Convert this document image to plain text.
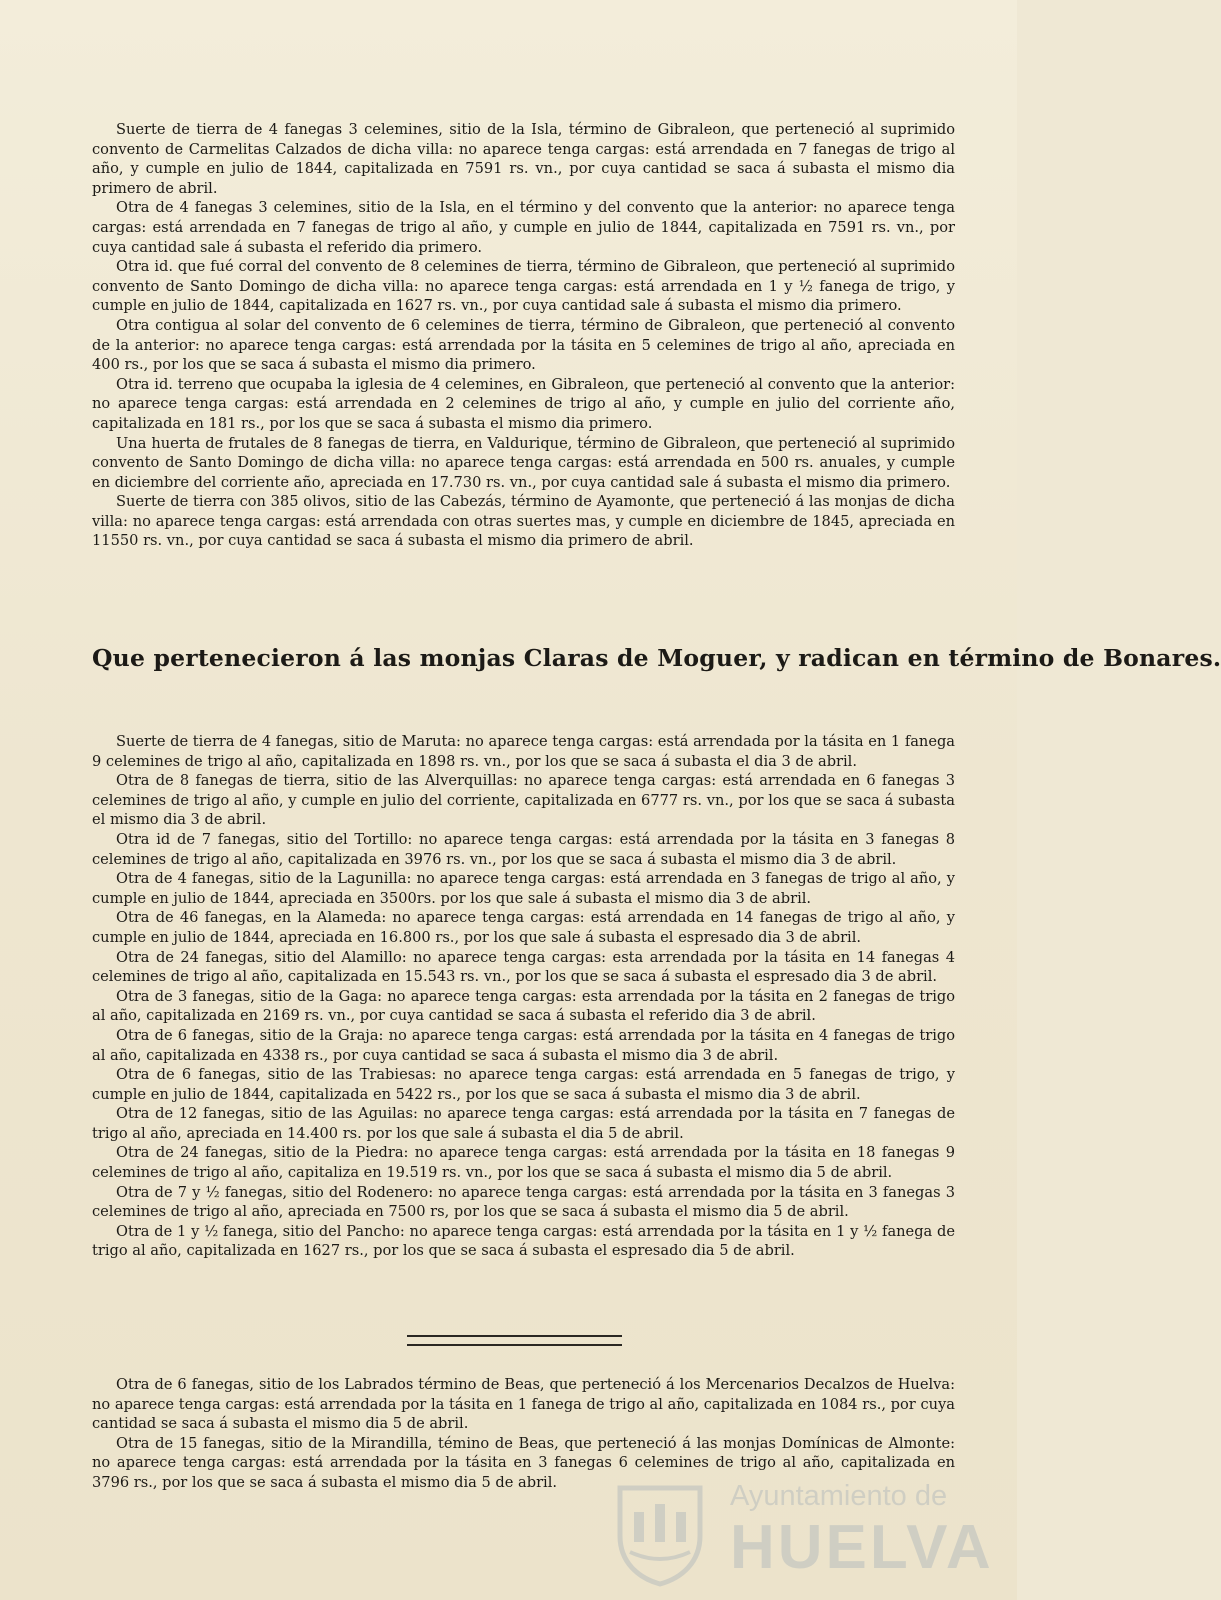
Suerte de tierra de 4 fanegas 3 celemines, sitio de la Isla, término de Gibraleon, que perteneció al suprimido convento de Carmelitas Calzados de dicha villa: no aparece tenga cargas: está arrendada en 7 fanegas de trigo al año, y cumple en julio de 1844, capitalizada en 7591 rs. vn., por cuya cantidad se saca á subasta el mismo dia primero de abril.

Otra de 4 fanegas 3 celemines, sitio de la Isla, en el término y del convento que la anterior: no aparece tenga cargas: está arrendada en 7 fanegas de trigo al año, y cumple en julio de 1844, capitalizada en 7591 rs. vn., por cuya cantidad sale á subasta el referido dia primero.

Otra id. que fué corral del convento de 8 celemines de tierra, término de Gibraleon, que perteneció al suprimido convento de Santo Domingo de dicha villa: no aparece tenga cargas: está arrendada en 1 y ½ fanega de trigo, y cumple en julio de 1844, capitalizada en 1627 rs. vn., por cuya cantidad sale á subasta el mismo dia primero.

Otra contigua al solar del convento de 6 celemines de tierra, término de Gibraleon, que perteneció al convento de la anterior: no aparece tenga cargas: está arrendada por la tásita en 5 celemines de trigo al año, apreciada en 400 rs., por los que se saca á subasta el mismo dia primero.

Otra id. terreno que ocupaba la iglesia de 4 celemines, en Gibraleon, que perteneció al convento que la anterior: no aparece tenga cargas: está arrendada en 2 celemines de trigo al año, y cumple en julio del corriente año, capitalizada en 181 rs., por los que se saca á subasta el mismo dia primero.

Una huerta de frutales de 8 fanegas de tierra, en Valdurique, término de Gibraleon, que perteneció al suprimido convento de Santo Domingo de dicha villa: no aparece tenga cargas: está arrendada en 500 rs. anuales, y cumple en diciembre del corriente año, apreciada en 17.730 rs. vn., por cuya cantidad sale á subasta el mismo dia primero.

Suerte de tierra con 385 olivos, sitio de las Cabezás, término de Ayamonte, que perteneció á las monjas de dicha villa: no aparece tenga cargas: está arrendada con otras suertes mas, y cumple en diciembre de 1845, apreciada en 11550 rs. vn., por cuya cantidad se saca á subasta el mismo dia primero de abril.

Que pertenecieron á las monjas Claras de Moguer, y radican en término de Bonares.

Suerte de tierra de 4 fanegas, sitio de Maruta: no aparece tenga cargas: está arrendada por la tásita en 1 fanega 9 celemines de trigo al año, capitalizada en 1898 rs. vn., por los que se saca á subasta el dia 3 de abril.

Otra de 8 fanegas de tierra, sitio de las Alverquillas: no aparece tenga cargas: está arrendada en 6 fanegas 3 celemines de trigo al año, y cumple en julio del corriente, capitalizada en 6777 rs. vn., por los que se saca á subasta el mismo dia 3 de abril.

Otra id de 7 fanegas, sitio del Tortillo: no aparece tenga cargas: está arrendada por la tásita en 3 fanegas 8 celemines de trigo al año, capitalizada en 3976 rs. vn., por los que se saca á subasta el mismo dia 3 de abril.

Otra de 4 fanegas, sitio de la Lagunilla: no aparece tenga cargas: está arrendada en 3 fanegas de trigo al año, y cumple en julio de 1844, apreciada en 3500rs. por los que sale á subasta el mismo dia 3 de abril.

Otra de 46 fanegas, en la Alameda: no aparece tenga cargas: está arrendada en 14 fanegas de trigo al año, y cumple en julio de 1844, apreciada en 16.800 rs., por los que sale á subasta el espresado dia 3 de abril.

Otra de 24 fanegas, sitio del Alamillo: no aparece tenga cargas: esta arrendada por la tásita en 14 fanegas 4 celemines de trigo al año, capitalizada en 15.543 rs. vn., por los que se saca á subasta el espresado dia 3 de abril.

Otra de 3 fanegas, sitio de la Gaga: no aparece tenga cargas: esta arrendada por la tásita en 2 fanegas de trigo al año, capitalizada en 2169 rs. vn., por cuya cantidad se saca á subasta el referido dia 3 de abril.

Otra de 6 fanegas, sitio de la Graja: no aparece tenga cargas: está arrendada por la tásita en 4 fanegas de trigo al año, capitalizada en 4338 rs., por cuya cantidad se saca á subasta el mismo dia 3 de abril.

Otra de 6 fanegas, sitio de las Trabiesas: no aparece tenga cargas: está arrendada en 5 fanegas de trigo, y cumple en julio de 1844, capitalizada en 5422 rs., por los que se saca á subasta el mismo dia 3 de abril.

Otra de 12 fanegas, sitio de las Aguilas: no aparece tenga cargas: está arrendada por la tásita en 7 fanegas de trigo al año, apreciada en 14.400 rs. por los que sale á subasta el dia 5 de abril.

Otra de 24 fanegas, sitio de la Piedra: no aparece tenga cargas: está arrendada por la tásita en 18 fanegas 9 celemines de trigo al año, capitaliza en 19.519 rs. vn., por los que se saca á subasta el mismo dia 5 de abril.

Otra de 7 y ½ fanegas, sitio del Rodenero: no aparece tenga cargas: está arrendada por la tásita en 3 fanegas 3 celemines de trigo al año, apreciada en 7500 rs, por los que se saca á subasta el mismo dia 5 de abril.

Otra de 1 y ½ fanega, sitio del Pancho: no aparece tenga cargas: está arrendada por la tásita en 1 y ½ fanega de trigo al año, capitalizada en 1627 rs., por los que se saca á subasta el espresado dia 5 de abril.

Otra de 6 fanegas, sitio de los Labrados término de Beas, que perteneció á los Mercenarios Decalzos de Huelva: no aparece tenga cargas: está arrendada por la tásita en 1 fanega de trigo al año, capitalizada en 1084 rs., por cuya cantidad se saca á subasta el mismo dia 5 de abril.

Otra de 15 fanegas, sitio de la Mirandilla, témino de Beas, que perteneció á las monjas Domínicas de Almonte: no aparece tenga cargas: está arrendada por la tásita en 3 fanegas 6 celemines de trigo al año, capitalizada en 3796 rs., por los que se saca á subasta el mismo dia 5 de abril.	Ayuntamiento de
HUELVA
